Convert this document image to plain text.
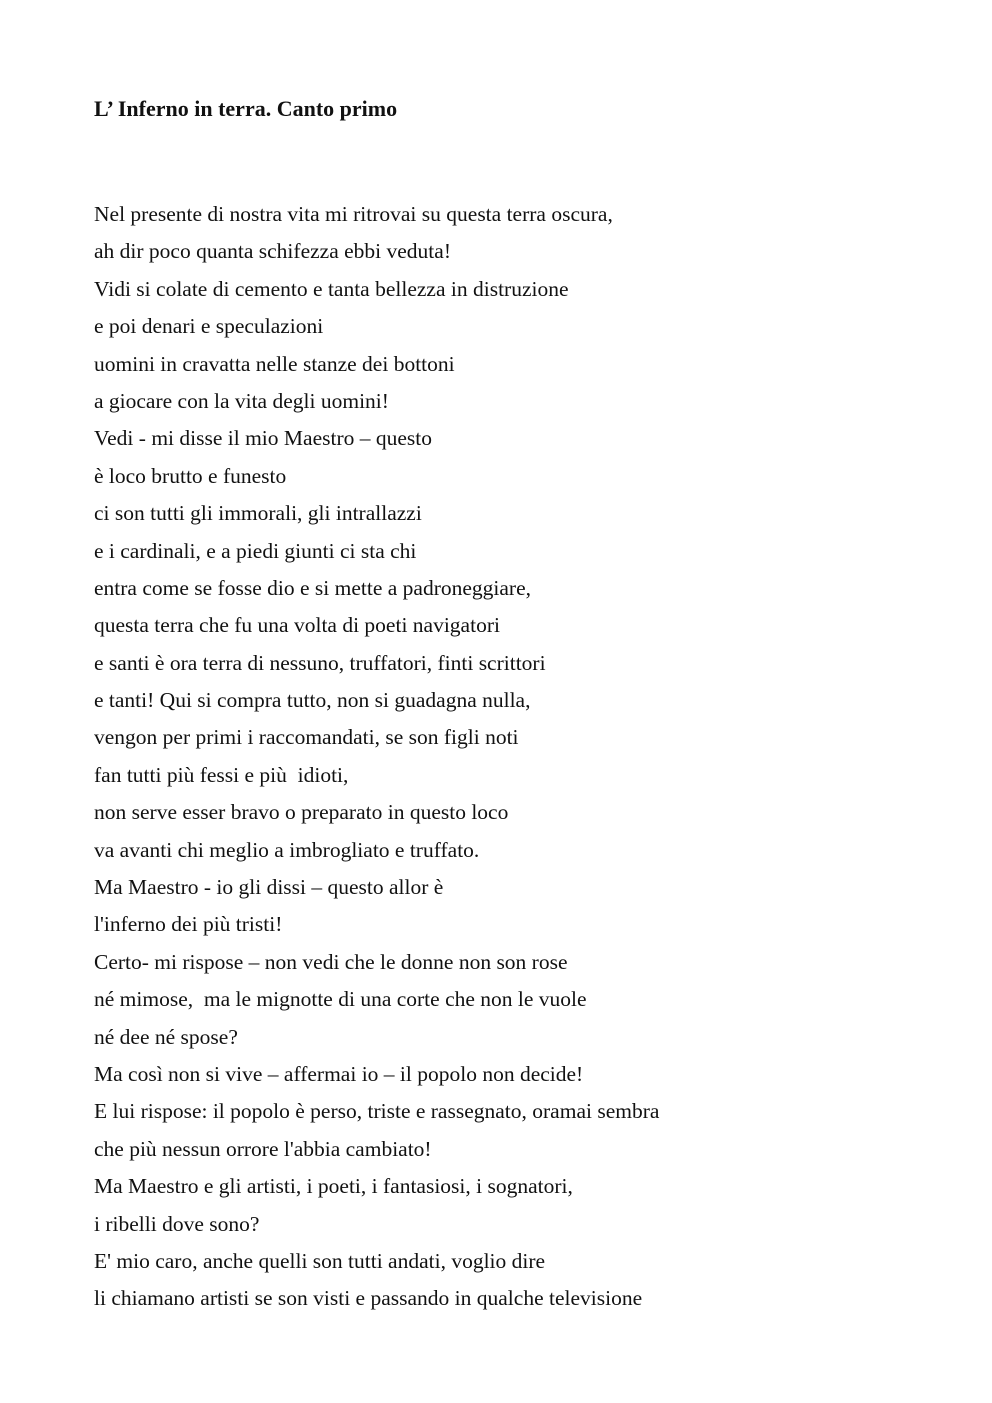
L’ Inferno in terra. Canto primo
Nel presente di nostra vita mi ritrovai su questa terra oscura,
ah dir poco quanta schifezza ebbi veduta!
Vidi si colate di cemento e tanta bellezza in distruzione
e poi denari e speculazioni
uomini in cravatta nelle stanze dei bottoni
a giocare con la vita degli uomini!
Vedi - mi disse il mio Maestro – questo
è loco brutto e funesto
ci son tutti gli immorali, gli intrallazzi
e i cardinali, e a piedi giunti ci sta chi
entra come se fosse dio e si mette a padroneggiare,
questa terra che fu una volta di poeti navigatori
e santi è ora terra di nessuno, truffatori, finti scrittori
e tanti! Qui si compra tutto, non si guadagna nulla,
vengon per primi i raccomandati, se son figli noti
fan tutti più fessi e più  idioti,
non serve esser bravo o preparato in questo loco
va avanti chi meglio a imbrogliato e truffato.
Ma Maestro - io gli dissi – questo allor è
l'inferno dei più tristi!
Certo- mi rispose – non vedi che le donne non son rose
né mimose,  ma le mignotte di una corte che non le vuole
né dee né spose?
Ma così non si vive – affermai io – il popolo non decide!
E lui rispose: il popolo è perso, triste e rassegnato, oramai sembra
che più nessun orrore l'abbia cambiato!
Ma Maestro e gli artisti, i poeti, i fantasiosi, i sognatori,
i ribelli dove sono?
E' mio caro, anche quelli son tutti andati, voglio dire
li chiamano artisti se son visti e passando in qualche televisione
